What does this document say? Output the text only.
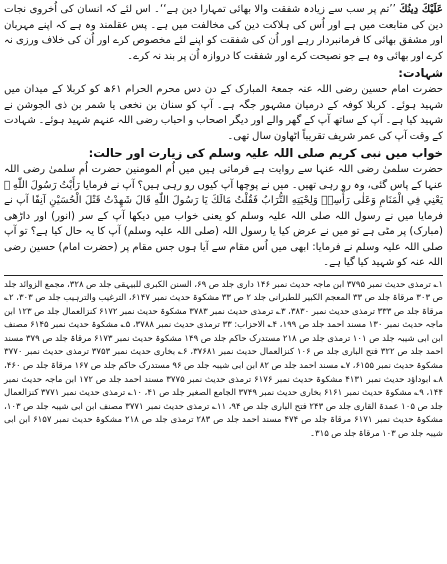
عَلَيْكَ دِينُكَ ’’تم پر سب سے زیادہ شفقت والا بھائی تمہارا دین ہے‘‘۔ اس لئے کہ انسان کی اُخروی نجات دین کی متابعت میں ہے اور اُس کی ہلاکت دین کی مخالفت میں ہے۔ پس عقلمند وہ ہے کہ اپنے مہربان اور مشفق بھائی کا فرمانبردار رہے اور اُن کی شفقت کو اپنے لئے مخصوص کرے اور اُن کی خلاف ورزی نہ کرے اور بھائی وہ ہے جو نصیحت کرے اور شفقت کا دروازہ اُن پر بند نہ کرے۔

شہادت:

حضرت امام حسین رضی اللہ عنہ جمعۃ المبارک کے دن دس محرم الحرام ۶۱ھ کو کربلا کے میدان میں شہید ہوئے۔ کربلا کوفہ کے درمیان مشہور جگہ ہے۔ آپ کو سنان بن نخعی یا شمر بن ذی الجوشن نے شہید کیا ہے۔ آپ کے ساتھ آپ کے گھر والے اور دیگر اصحاب و احباب رضی اللہ عنہم شہید ہوئے۔ شہادت کے وقت آپ کی عمر شریف تقریباً اٹھاون سال تھی۔

خواب میں نبی کریم صلی اللہ علیہ وسلم کی زیارت اور حالت:

حضرت سلمیٰ رضی اللہ عنہا سے روایت ہے فرماتی ہیں میں اُم المومنین حضرت اُم سلمیٰ رضی اللہ عنہا کے پاس گئی، وہ رو رہی تھیں۔ میں نے پوچھا آپ کیوں رو رہی ہیں؟ آپ نے فرمایا رَأَيْتُ رَسُولَ اللّٰهِ ﷺ يَعْنِي فِي الْمَنَامِ وَعَلٰى رَأْسِهٖ وَلِحْيَتِهِ التُّرَابُ فَقُلْتُ مَالَكَ يَا رَسُولَ اللّٰهِ قَالَ شَهِدْتُ قَتْلَ الْحُسَيْنِ آنِفًا آپ نے فرمایا میں نے رسول اللہ صلی اللہ علیہ وسلم کو یعنی خواب میں دیکھا آپ کے سر (انور) اور داڑھی (مبارک) پر مٹی ہے تو میں نے عرض کیا یا رسول اللہ (صلی اللہ علیہ وسلم) آپ کا یہ حال کیا ہے؟ تو آپ صلی اللہ علیہ وسلم نے فرمایا: ابھی میں اُس مقام سے آیا ہوں جس مقام پر (حضرت امام) حسین رضی اللہ عنہ کو شہید کیا گیا ہے۔

۱؎ ترمذی حدیث نمبر ۳۷۹۵ ابن ماجہ حدیث نمبر ۱۴۶ داری جلد ص ۶۹، السنن الکبری للبیہقی جلد ص ۳۲۸، مجمع الزوائد جلد ص ۳۰۳ مرقاۃ جلد ص ۳۳ المعجم الکبیر للطبرانی جلد ۲ ص ۳۳ مشکوۃ حدیث نمبر ۶۱۴۷، الترغیب والترہیب جلد ص ۳۰۳، ۲؎ مرقاۃ جلد ص ۳۳۳ ترمذی حدیث نمبر ۳۸۳۰، ۳؎ ترمذی حدیث نمبر ۳۷۸۳ مشکوۃ حدیث نمبر ۶۱۷۲ کنزالعمال جلد ص ۱۲۳ ابن ماجہ حدیث نمبر ۱۳۰ مسند احمد جلد ص ۱۹۹، ۴؎ الاحزاب: ۳۳ ترمذی حدیث نمبر ۳۷۸۸، ۵؎ مشکوۃ حدیث نمبر ۶۱۴۵ مصنف ابن ابی شیبہ جلد ص ۱۰۱ ترمذی جلد ص ۲۱۸ مستدرک حاکم جلد ص ۱۴۹ مشکوۃ حدیث نمبر ۶۱۷۳ مرقاۃ جلد ص ۳۷۹ مسند احمد جلد ص ۳۲۲ فتح الباری جلد ص ۱۰۶ کنزالعمال حدیث نمبر ۳۷۶۸۱، ۶؎ بخاری حدیث نمبر ۳۷۵۳ ترمذی حدیث نمبر ۳۷۷۰ مشکوۃ حدیث نمبر ۶۱۵۵، ۷؎ مسند احمد جلد ص ۸۲ ابن ابی شیبہ جلد ص ۹۶ مستدرک حاکم جلد ص ۱۶۷ مرقاۃ جلد ص ۴۶۰، ۸؎ ابوداؤد حدیث نمبر ۴۱۳۱ مشکوۃ حدیث نمبر ۶۱۷۶ ترمذی حدیث نمبر ۳۷۷۵ مسند احمد جلد ص ۱۷۲ ابن ماجہ حدیث نمبر ۱۴۴، ۹؎ مشکوۃ حدیث نمبر ۶۱۶۱ بخاری حدیث نمبر ۳۷۴۹ الجامع الصغیر جلد ص ۴۱، ۱۰؎ ترمذی حدیث نمبر ۳۷۷۱ کنزالعمال جلد ص ۱۰۵ عمدۃ القاری جلد ص ۲۴۳ فتح الباری جلد ص ۹۴، ۱۱؎ ترمذی حدیث نمبر ۳۷۷۱ مصنف ابن ابی شیبہ جلد ص ۱۰۳، مشکوۃ حدیث نمبر ۶۱۷۱ مرقاۃ جلد ص ۴۷۴ مسند احمد جلد ص ۲۸۳ ترمذی جلد ص ۲۱۸ مشکوۃ حدیث نمبر ۶۱۵۷ ابن ابی شیبہ جلد ص ۱۰۳ مرقاۃ جلد ص ۳۱۵۔
